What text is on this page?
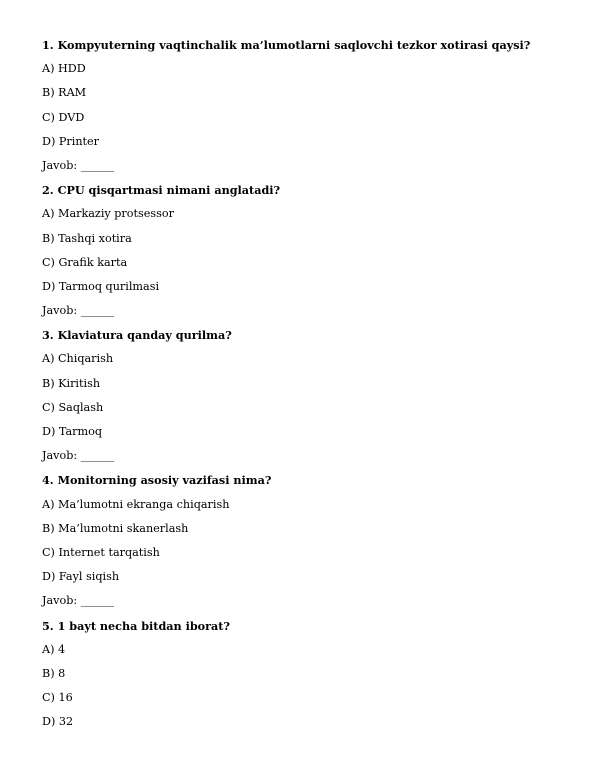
1. Kompyuterning vaqtinchalik ma’lumotlarni saqlovchi tezkor xotirasi qaysi?
A) HDD
B) RAM
C) DVD
D) Printer
Javob: ______
2. CPU qisqartmasi nimani anglatadi?
A) Markaziy protsessor
B) Tashqi xotira
C) Grafik karta
D) Tarmoq qurilmasi
Javob: ______
3. Klaviatura qanday qurilma?
A) Chiqarish
B) Kiritish
C) Saqlash
D) Tarmoq
Javob: ______
4. Monitorning asosiy vazifasi nima?
A) Ma’lumotni ekranga chiqarish
B) Ma’lumotni skanerlash
C) Internet tarqatish
D) Fayl siqish
Javob: ______
5. 1 bayt necha bitdan iborat?
A) 4
B) 8
C) 16
D) 32
